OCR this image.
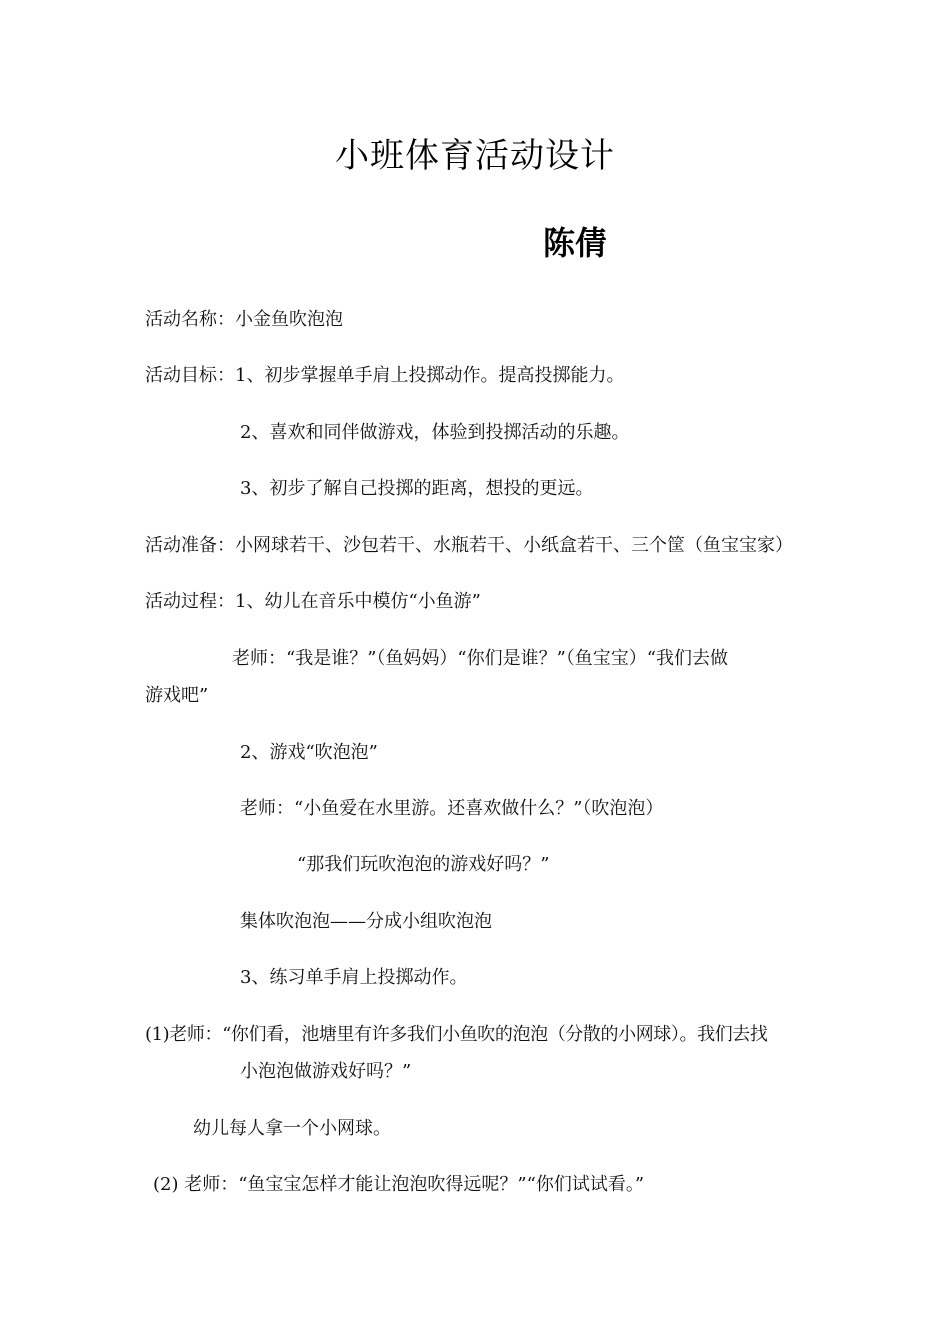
小班体育活动设计
陈倩
活动名称：小金鱼吹泡泡
活动目标：1、初步掌握单手肩上投掷动作。提高投掷能力。
2、喜欢和同伴做游戏，体验到投掷活动的乐趣。
3、初步了解自己投掷的距离，想投的更远。
活动准备：小网球若干、沙包若干、水瓶若干、小纸盒若干、三个筐（鱼宝宝家）
活动过程：1、幼儿在音乐中模仿“小鱼游”
老师：“我是谁？”（鱼妈妈）“你们是谁？”（鱼宝宝）“我们去做
游戏吧”
2、游戏“吹泡泡”
老师：“小鱼爱在水里游。还喜欢做什么？”（吹泡泡）
“那我们玩吹泡泡的游戏好吗？”
集体吹泡泡——分成小组吹泡泡
3、练习单手肩上投掷动作。
(1)老师：“你们看，池塘里有许多我们小鱼吹的泡泡（分散的小网球）。我们去找
小泡泡做游戏好吗？”
幼儿每人拿一个小网球。
(2) 老师：“鱼宝宝怎样才能让泡泡吹得远呢？”“你们试试看。”
